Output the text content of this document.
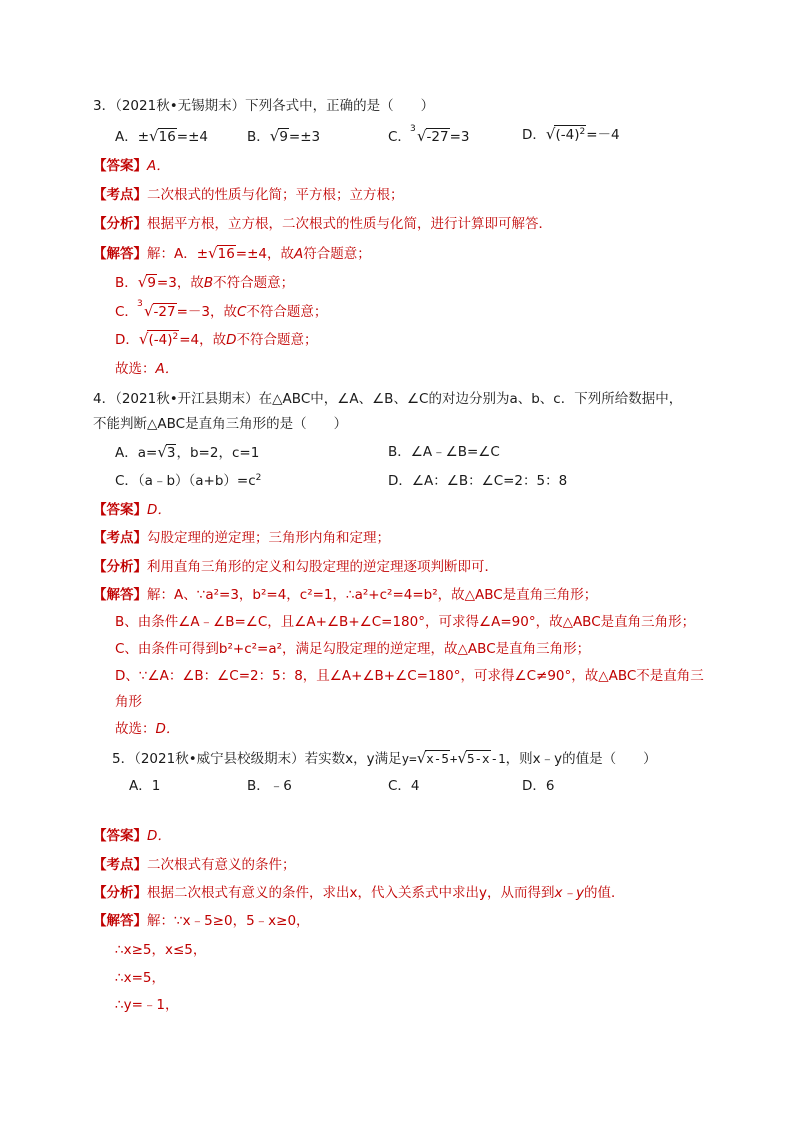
3．（2021秋•无锡期末）下列各式中，正确的是（　　）
A．±√16=±4	B．√9=±3	C． 3 √-27=3	D．$√(-4)^2=-4$
【答案】A．
【考点】二次根式的性质与化简；平方根；立方根；
【分析】根据平方根，立方根，二次根式的性质与化简，进行计算即可解答．
【解答】解：A．±√16=±4，故A符合题意；
B．√9=3，故B不符合题意；
C． 3 √-27=－3，故C不符合题意；
D．$√(-4)^2=4$，故D不符合题意；
故选：A．
4．（2021秋•开江县期末）在△ABC中，∠A、∠B、∠C的对边分别为a、b、c．下列所给数据中，
不能判断△ABC是直角三角形的是（　　）
A．a=√3，b=2，c=1	B．∠A﹣∠B=∠C
C．$(a﹣b)(a+b)=c^2$	D．∠A：∠B：∠C=2：5：8
【答案】D．
【考点】勾股定理的逆定理；三角形内角和定理；
【分析】利用直角三角形的定义和勾股定理的逆定理逐项判断即可．
【解答】解：A、∵a²=3，b²=4，c²=1，∴a²+c²=4=b²，故△ABC是直角三角形；
B、由条件∠A﹣∠B=∠C，且∠A+∠B+∠C=180°，可求得∠A=90°，故△ABC是直角三角形；
C、由条件可得到b²+c²=a²，满足勾股定理的逆定理，故△ABC是直角三角形；
D、∵∠A：∠B：∠C=2：5：8，且∠A+∠B+∠C=180°，可求得∠C≠90°，故△ABC不是直角三
角形
故选：D．
5．（2021秋•威宁县校级期末）若实数x，y满足y=√x-5+√5-x-1，则x﹣y的值是（　　）
A．1	B．﹣6	C．4	D．6
【答案】D．
【考点】二次根式有意义的条件；
【分析】根据二次根式有意义的条件，求出x，代入关系式中求出y，从而得到x﹣y的值．
【解答】解：∵x﹣5≥0，5﹣x≥0，
∴x≥5，x≤5，
∴x=5，
∴y=﹣1，
